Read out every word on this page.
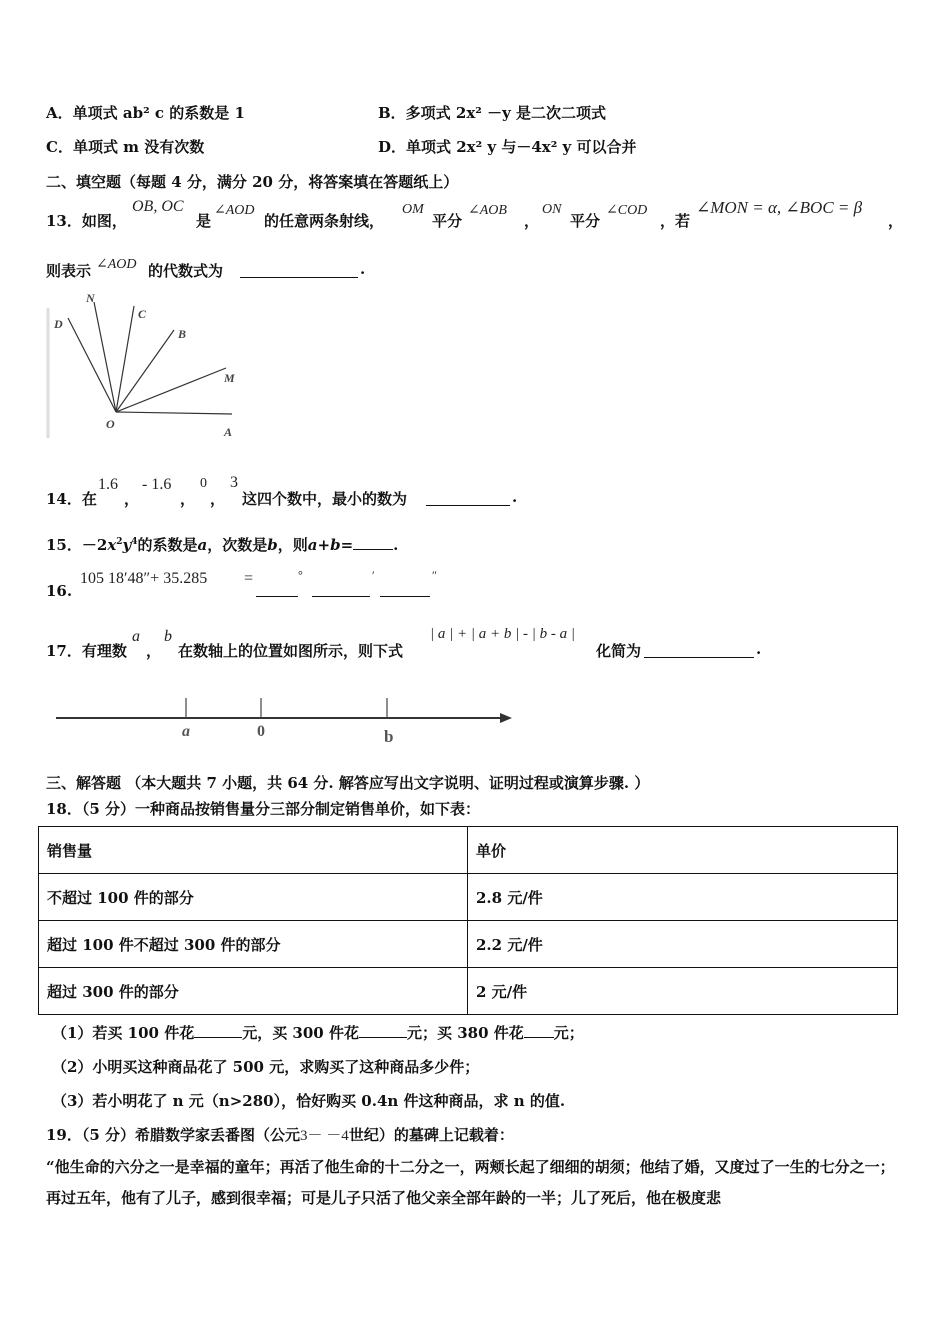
A．单项式 ab² c 的系数是 1	B．多项式 2x² －y 是二次二项式
C．单项式 m 没有次数	D．单项式 2x² y 与－4x² y 可以合并
二、填空题（每题 4 分，满分 20 分，将答案填在答题纸上）
13．如图，
OB, OC
是
∠AOD
的任意两条射线，
OM
平分
∠AOB
，
ON
平分
∠COD
，若
∠MON = α, ∠BOC = β
，
则表示 ∠AOD 的代数式为	.
N
D
C
B
M
O
A
14．在
1.6
，
- 1.6
，
0
，
3
这四个数中，最小的数为	.
15．$-2x^2y^4$的系数是a，次数是b，则a+b=	.
16.
105 18′48″+ 35.285 =	°	′	″
17．有理数
a
，
b
在数轴上的位置如图所示，则下式
| a | + | a + b | - | b - a |
化简为	.
a	0	b
三、解答题 （本大题共 7 小题，共 64 分. 解答应写出文字说明、证明过程或演算步骤. ）
18．（5 分）一种商品按销售量分三部分制定销售单价，如下表：
销售量	单价
不超过 100 件的部分	2.8 元/件
超过 100 件不超过 300 件的部分	2.2 元/件
超过 300 件的部分	2 元/件
（1）若买 100 件花	元，买 300 件花	元；买 380 件花 元；
（2）小明买这种商品花了 500 元，求购买了这种商品多少件；
（3）若小明花了 n 元（n>280），恰好购买 0.4n 件这种商品，求 n 的值.
19．（5 分）希腊数学家丢番图（公元3－ －4世纪）的墓碑上记载着：
“他生命的六分之一是幸福的童年；再活了他生命的十二分之一，两颊长起了细细的胡须；他结了婚，又度过了一生的七分之一；再过五年，他有了儿子，感到很幸福；可是儿子只活了他父亲全部年龄的一半；儿了死后，他在极度悲
